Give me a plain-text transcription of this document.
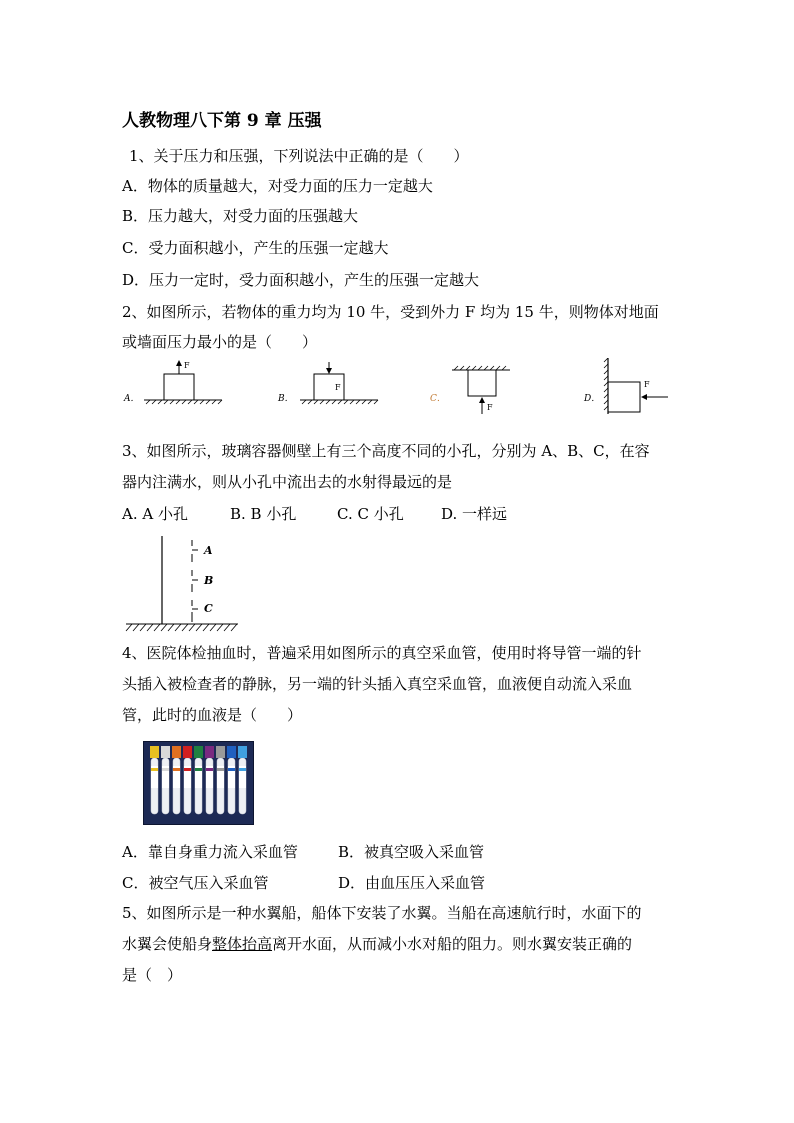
人教物理八下第 9 章 压强
1、关于压力和压强，下列说法中正确的是（　　）
A．物体的质量越大，对受力面的压力一定越大
B．压力越大，对受力面的压强越大
C．受力面积越小，产生的压强一定越大
D．压力一定时，受力面积越小，产生的压强一定越大
2、如图所示，若物体的重力均为 10 牛，受到外力 F 均为 15 牛，则物体对地面
或墙面压力最小的是（　　）
A．
F
B．
F
C．
F
D．
F
3、如图所示，玻璃容器侧壁上有三个高度不同的小孔，分别为 A、B、C，在容
器内注满水，则从小孔中流出去的水射得最远的是
A. A 小孔	B. B 小孔	C. C 小孔 D. 一样远
A
B
C
4、医院体检抽血时，普遍采用如图所示的真空采血管，使用时将导管一端的针
头插入被检查者的静脉，另一端的针头插入真空采血管，血液便自动流入采血
管，此时的血液是（　　）
A．靠自身重力流入采血管	B．被真空吸入采血管
C．被空气压入采血管	D．由血压压入采血管
5、如图所示是一种水翼船，船体下安装了水翼。当船在高速航行时，水面下的
水翼会使船身整体抬高离开水面，从而减小水对船的阻力。则水翼安装正确的
是（　）
